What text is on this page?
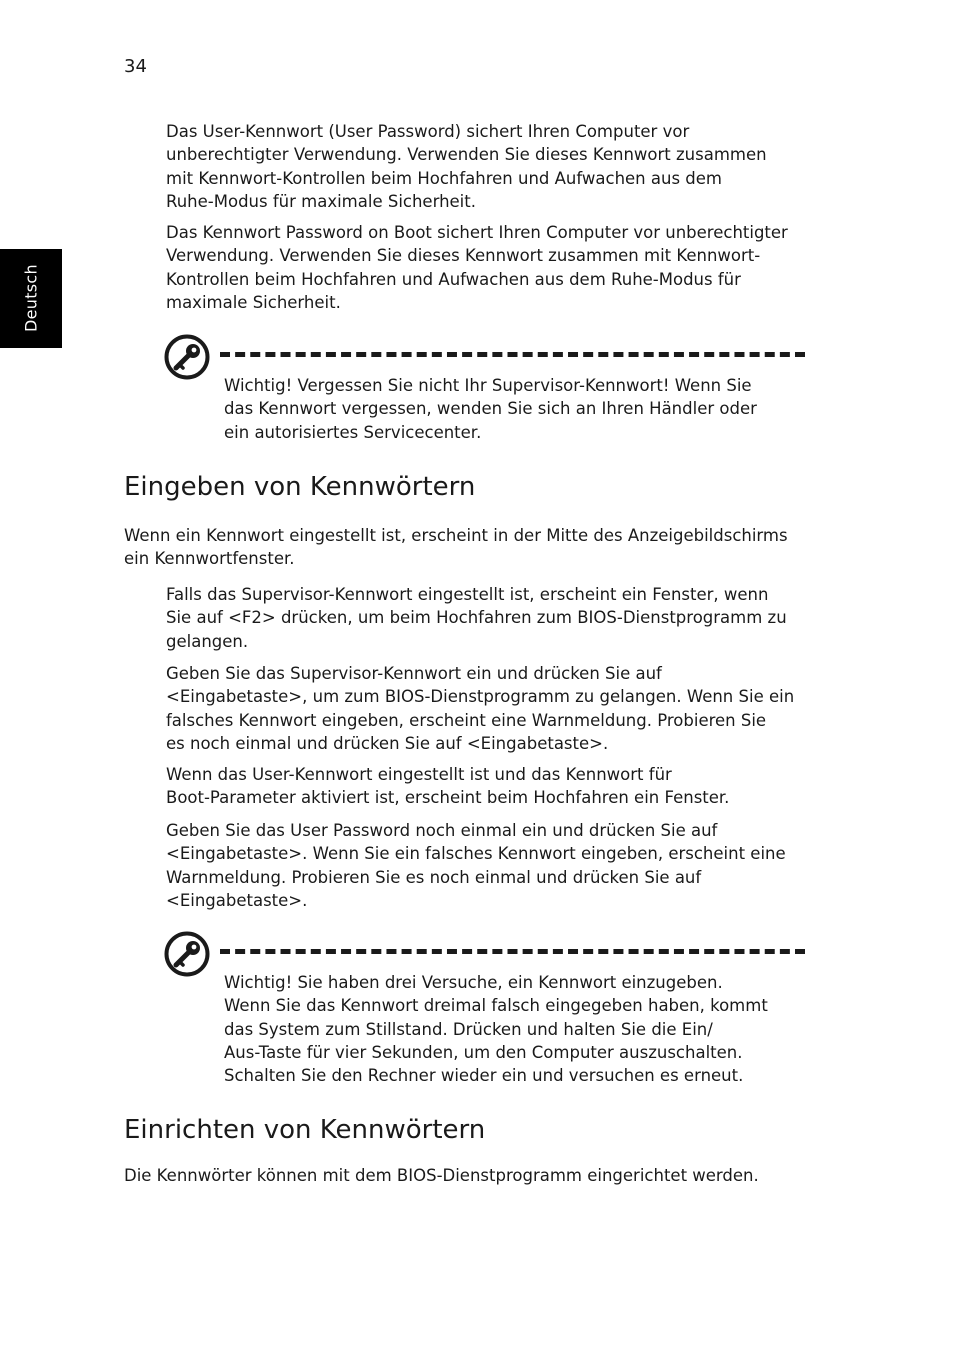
34
Deutsch

Das User-Kennwort (User Password) sichert Ihren Computer vor
unberechtigter Verwendung. Verwenden Sie dieses Kennwort zusammen
mit Kennwort-Kontrollen beim Hochfahren und Aufwachen aus dem
Ruhe-Modus für maximale Sicherheit.

Das Kennwort Password on Boot sichert Ihren Computer vor unberechtigter
Verwendung. Verwenden Sie dieses Kennwort zusammen mit Kennwort-
Kontrollen beim Hochfahren und Aufwachen aus dem Ruhe-Modus für
maximale Sicherheit.

Wichtig! Vergessen Sie nicht Ihr Supervisor-Kennwort! Wenn Sie
das Kennwort vergessen, wenden Sie sich an Ihren Händler oder
ein autorisiertes Servicecenter.

Eingeben von Kennwörtern

Wenn ein Kennwort eingestellt ist, erscheint in der Mitte des Anzeigebildschirms
ein Kennwortfenster.

Falls das Supervisor-Kennwort eingestellt ist, erscheint ein Fenster, wenn
Sie auf <F2> drücken, um beim Hochfahren zum BIOS-Dienstprogramm zu
gelangen.

Geben Sie das Supervisor-Kennwort ein und drücken Sie auf
<Eingabetaste>, um zum BIOS-Dienstprogramm zu gelangen. Wenn Sie ein
falsches Kennwort eingeben, erscheint eine Warnmeldung. Probieren Sie
es noch einmal und drücken Sie auf <Eingabetaste>.

Wenn das User-Kennwort eingestellt ist und das Kennwort für
Boot-Parameter aktiviert ist, erscheint beim Hochfahren ein Fenster.

Geben Sie das User Password noch einmal ein und drücken Sie auf
<Eingabetaste>. Wenn Sie ein falsches Kennwort eingeben, erscheint eine
Warnmeldung. Probieren Sie es noch einmal und drücken Sie auf
<Eingabetaste>.

Wichtig! Sie haben drei Versuche, ein Kennwort einzugeben.
Wenn Sie das Kennwort dreimal falsch eingegeben haben, kommt
das System zum Stillstand. Drücken und halten Sie die Ein/
Aus-Taste für vier Sekunden, um den Computer auszuschalten.
Schalten Sie den Rechner wieder ein und versuchen es erneut.

Einrichten von Kennwörtern

Die Kennwörter können mit dem BIOS-Dienstprogramm eingerichtet werden.
